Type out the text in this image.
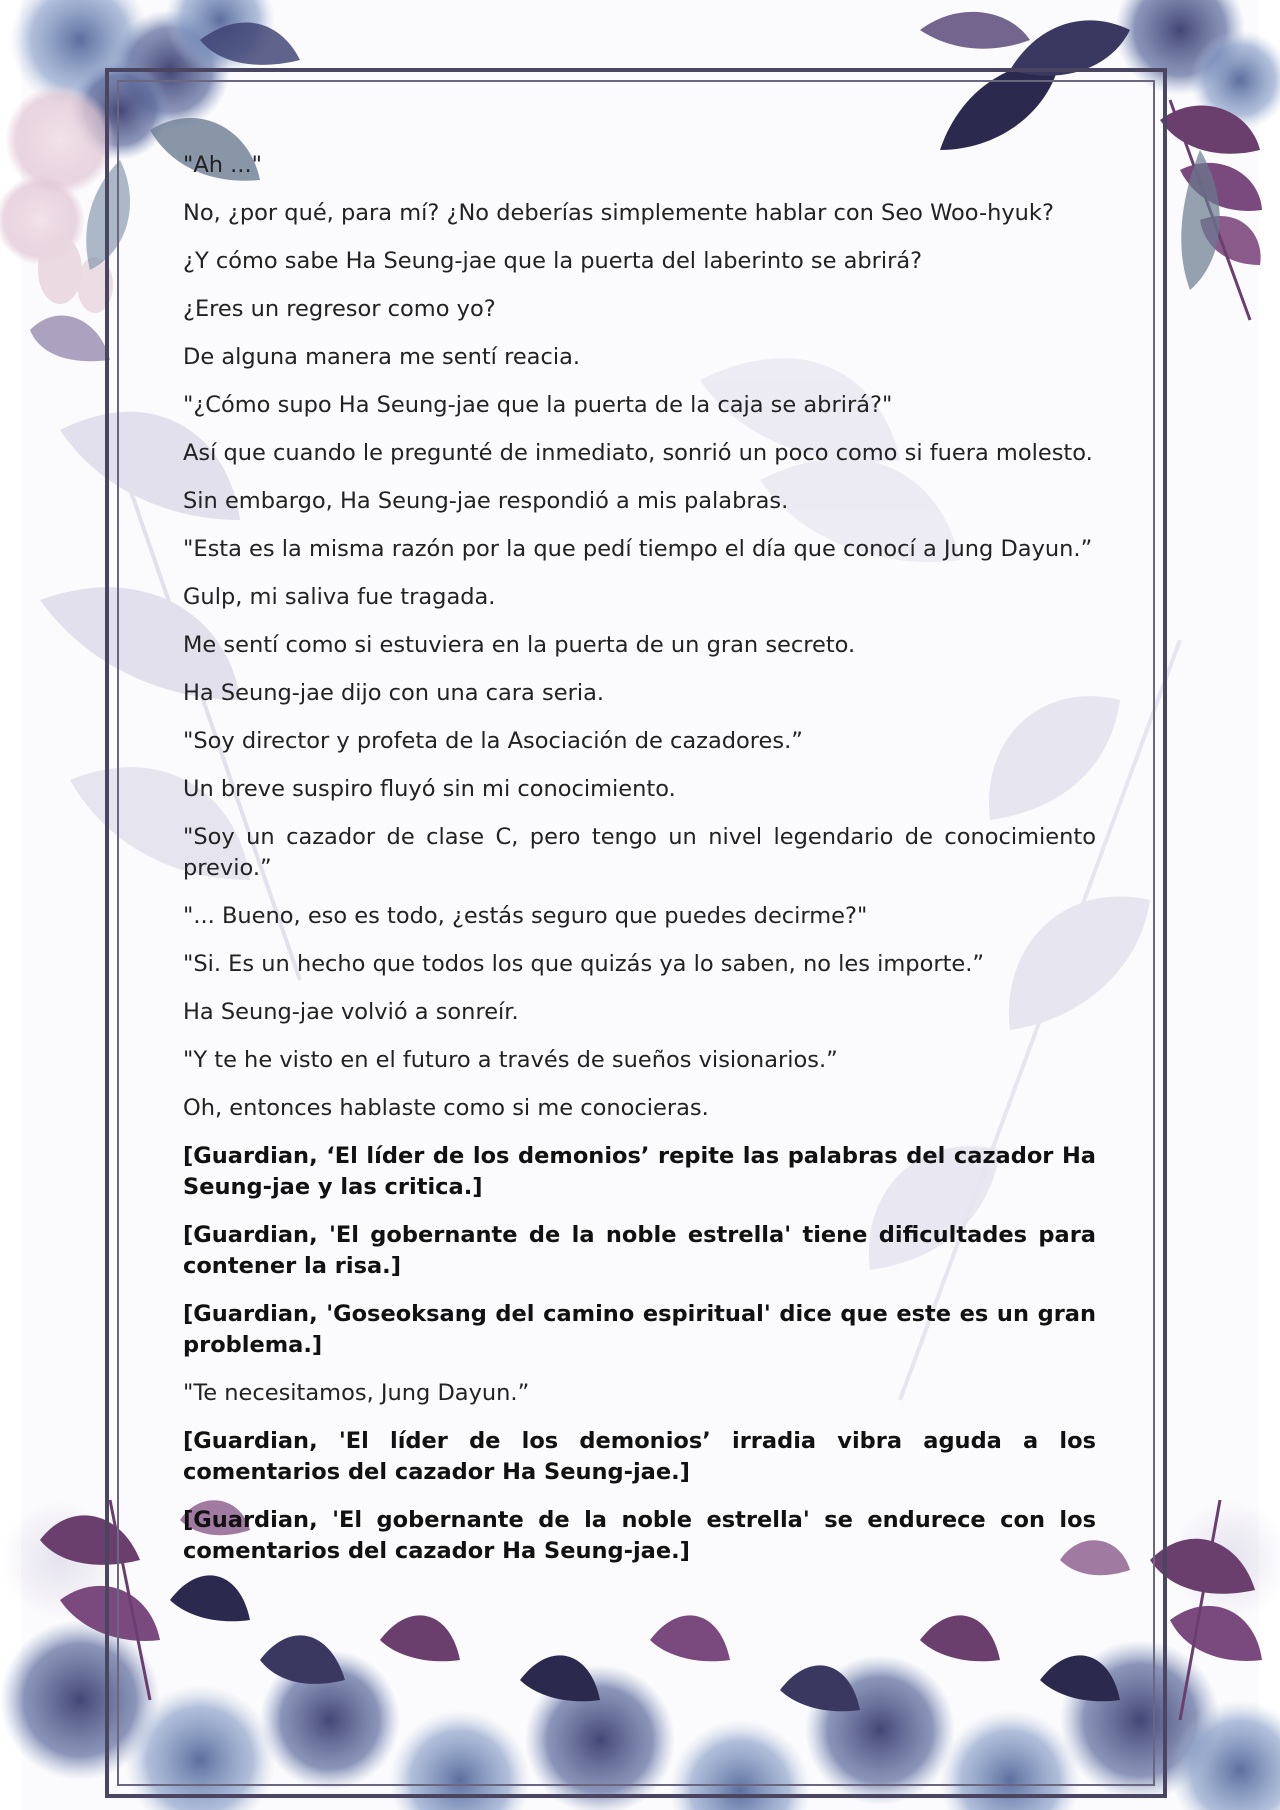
"Ah ..."

No, ¿por qué, para mí? ¿No deberías simplemente hablar con Seo Woo-hyuk?

¿Y cómo sabe Ha Seung-jae que la puerta del laberinto se abrirá?

¿Eres un regresor como yo?

De alguna manera me sentí reacia.

"¿Cómo supo Ha Seung-jae que la puerta de la caja se abrirá?"

Así que cuando le pregunté de inmediato, sonrió un poco como si fuera molesto.

Sin embargo, Ha Seung-jae respondió a mis palabras.

"Esta es la misma razón por la que pedí tiempo el día que conocí a Jung Dayun.”

Gulp, mi saliva fue tragada.

Me sentí como si estuviera en la puerta de un gran secreto.

Ha Seung-jae dijo con una cara seria.

"Soy director y profeta de la Asociación de cazadores.”

Un breve suspiro fluyó sin mi conocimiento.

"Soy un cazador de clase C, pero tengo un nivel legendario de conocimiento previo.”

"... Bueno, eso es todo, ¿estás seguro que puedes decirme?"

"Si. Es un hecho que todos los que quizás ya lo saben, no les importe.”

Ha Seung-jae volvió a sonreír.

"Y te he visto en el futuro a través de sueños visionarios.”

Oh, entonces hablaste como si me conocieras.

[Guardian, ‘El líder de los demonios’ repite las palabras del cazador Ha Seung-jae y las critica.]

[Guardian, 'El gobernante de la noble estrella' tiene dificultades para contener la risa.]

[Guardian, 'Goseoksang del camino espiritual' dice que este es un gran problema.]

"Te necesitamos, Jung Dayun.”

[Guardian, 'El líder de los demonios’ irradia vibra aguda a los comentarios del cazador Ha Seung-jae.]

[Guardian, 'El gobernante de la noble estrella' se endurece con los comentarios del cazador Ha Seung-jae.]
